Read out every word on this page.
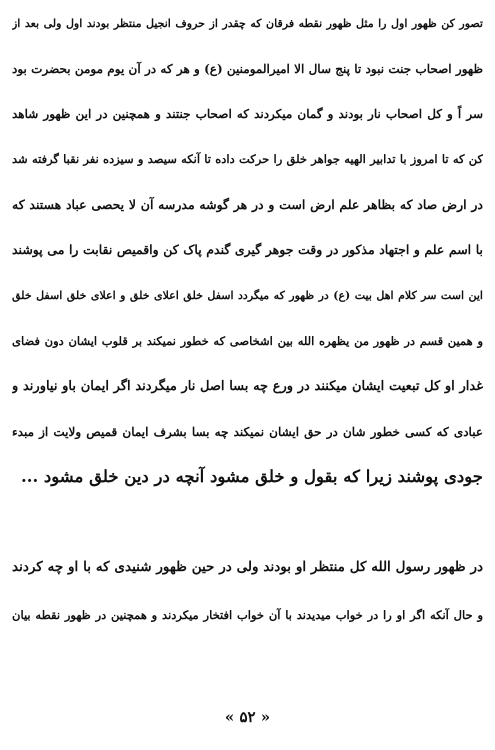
تصور کن ظهور اول را مثل ظهور نقطه فرقان که چقدر از حروف انجیل منتظر بودند اول ولی بعد از
ظهور اصحاب جنت نبود تا پنج سال الا امیرالمومنین (ع) و هر که در آن یوم مومن بحضرت بود
سر اً و کل اصحاب نار بودند و گمان میکردند که اصحاب جنتند و همچنین در این ظهور شاهد
کن که تا امروز با تدابیر الهیه جواهر خلق را حرکت داده تا آنکه سیصد و سیزده نفر نقبا گرفته شد
در ارض صاد که بظاهر علم ارض است و در هر گوشه مدرسه آن لا یحصی عباد هستند که
با اسم علم و اجتهاد مذکور در وقت جوهر گیری گندم پاک کن واقمیص نقابت را می پوشند
این است سر کلام اهل بیت (ع) در ظهور که میگردد اسفل خلق اعلای خلق و اعلای خلق اسفل خلق
و همین قسم در ظهور من یظهره الله بین اشخاصی که خطور نمیکند بر قلوب ایشان دون فضای
غدار او کل تبعیت ایشان میکنند در ورع چه بسا اصل نار میگردند اگر ایمان باو نیاورند و
عبادی که کسی خطور شان در حق ایشان نمیکند چه بسا بشرف ایمان قمیص ولایت از مبدء
جودی پوشند زیرا که بقول و خلق مشود آنچه در دین خلق مشود ...
در ظهور رسول الله کل منتظر او بودند ولی در حین ظهور شنیدی که با او چه کردند
و حال آنکه اگر او را در خواب میدیدند با آن خواب افتخار میکردند و همچنین در ظهور نقطه بیان
« ۵۲ »
